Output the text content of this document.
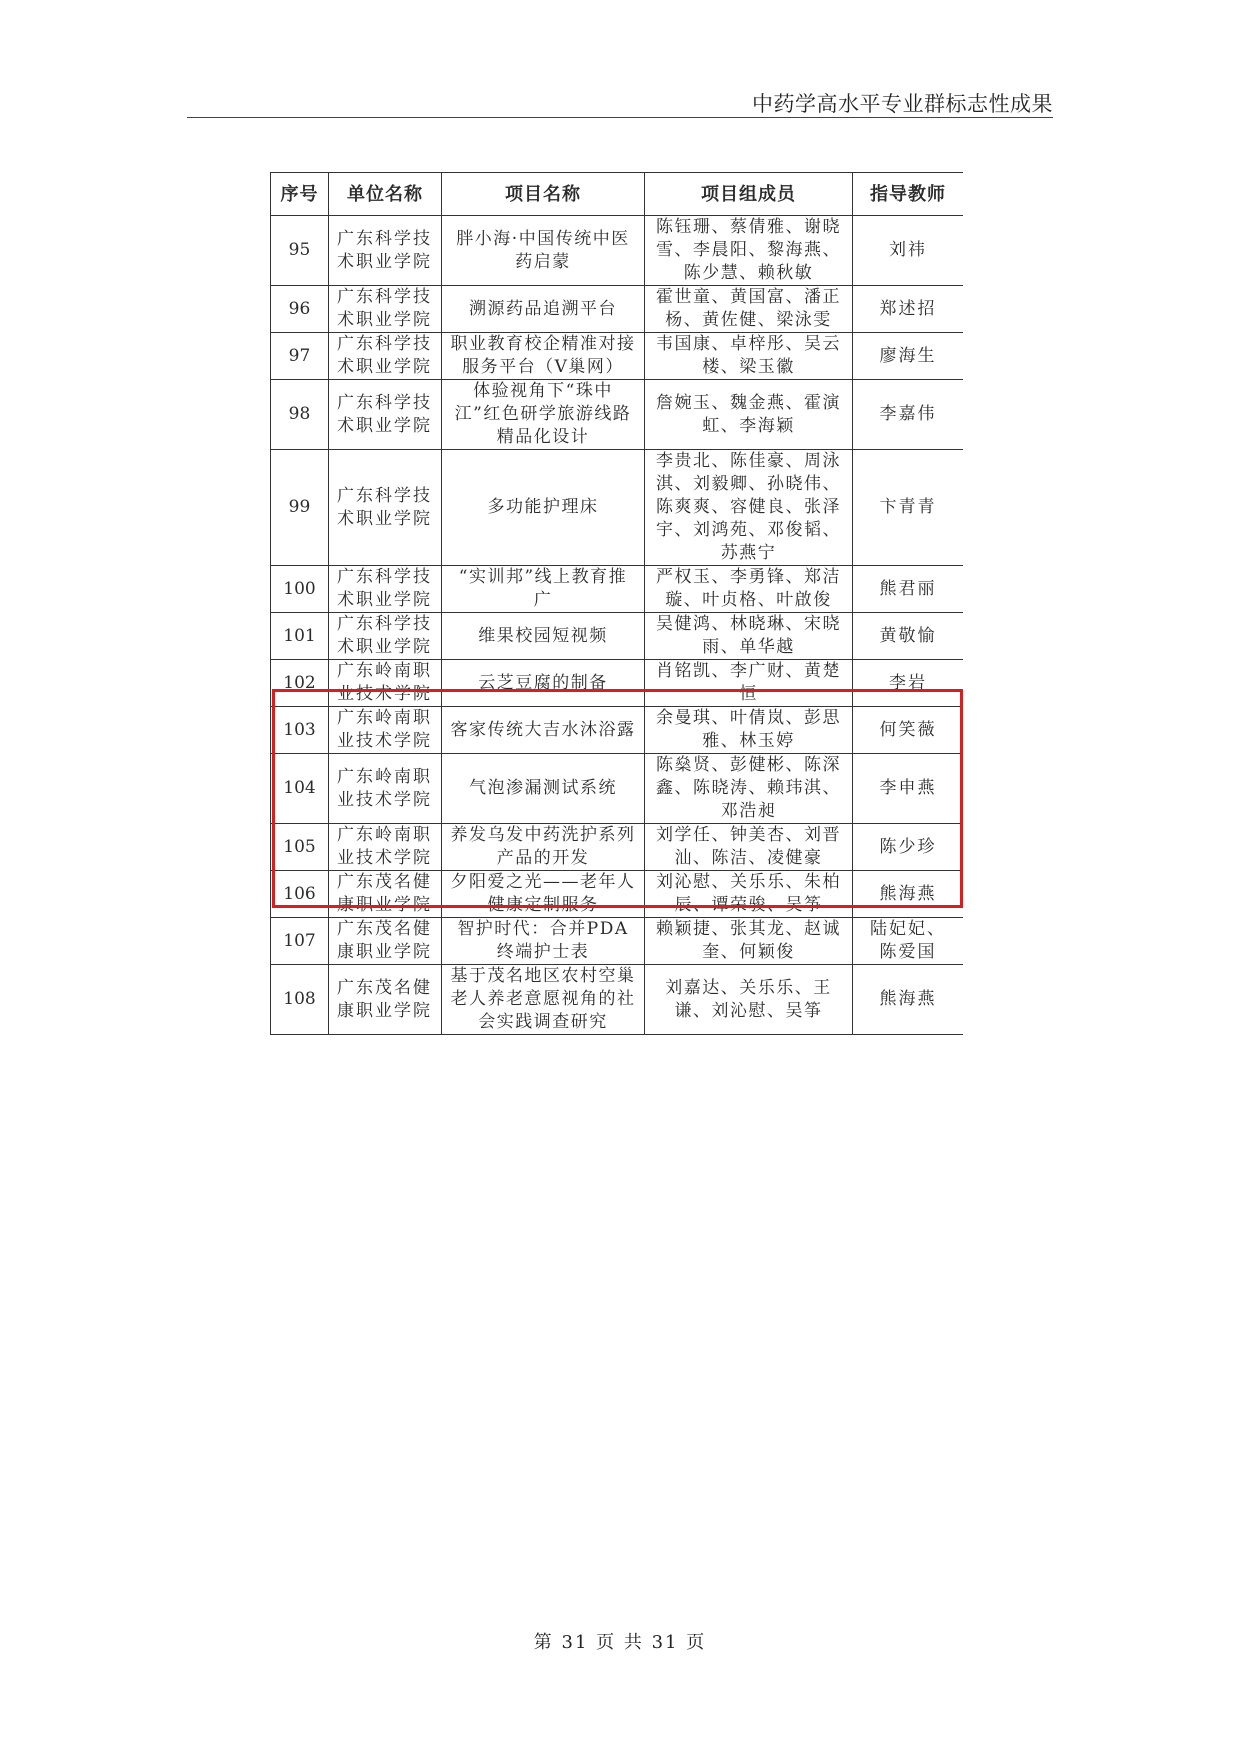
中药学高水平专业群标志性成果
序号	单位名称	项目名称	项目组成员	指导教师
95	广东科学技术职业学院	胖小海·中国传统中医药启蒙	陈钰珊、蔡倩雅、谢晓雪、李晨阳、黎海燕、陈少慧、赖秋敏	刘祎
96	广东科学技术职业学院	溯源药品追溯平台	霍世童、黄国富、潘正杨、黄佐健、梁泳雯	郑述招
97	广东科学技术职业学院	职业教育校企精准对接服务平台（V巢网）	韦国康、卓梓彤、吴云楼、梁玉徽	廖海生
98	广东科学技术职业学院	体验视角下“珠中江”红色研学旅游线路精品化设计	詹婉玉、魏金燕、霍演虹、李海颖	李嘉伟
99	广东科学技术职业学院	多功能护理床	李贵北、陈佳豪、周泳淇、刘毅卿、孙晓伟、陈爽爽、容健良、张泽宇、刘鸿苑、邓俊韬、苏燕宁	卞青青
100	广东科学技术职业学院	“实训邦”线上教育推广	严权玉、李勇锋、郑洁璇、叶贞格、叶啟俊	熊君丽
101	广东科学技术职业学院	维果校园短视频	吴健鸿、林晓琳、宋晓雨、单华越	黄敬愉
102	广东岭南职业技术学院	云芝豆腐的制备	肖铭凯、李广财、黄楚恒	李岩
103	广东岭南职业技术学院	客家传统大吉水沐浴露	余曼琪、叶倩岚、彭思雅、林玉婷	何笑薇
104	广东岭南职业技术学院	气泡渗漏测试系统	陈燊贤、彭健彬、陈深鑫、陈晓涛、赖玮淇、邓浩昶	李申燕
105	广东岭南职业技术学院	养发乌发中药洗护系列产品的开发	刘学任、钟美杏、刘晋汕、陈洁、凌健豪	陈少珍
106	广东茂名健康职业学院	夕阳爱之光——老年人健康定制服务	刘沁慰、关乐乐、朱柏辰、谭荣骏、吴筝	熊海燕
107	广东茂名健康职业学院	智护时代：合并PDA终端护士表	赖颖捷、张其龙、赵诚奎、何颖俊	陆妃妃、陈爱国
108	广东茂名健康职业学院	基于茂名地区农村空巢老人养老意愿视角的社会实践调查研究	刘嘉达、关乐乐、王谦、刘沁慰、吴筝	熊海燕
第 31 页 共 31 页
